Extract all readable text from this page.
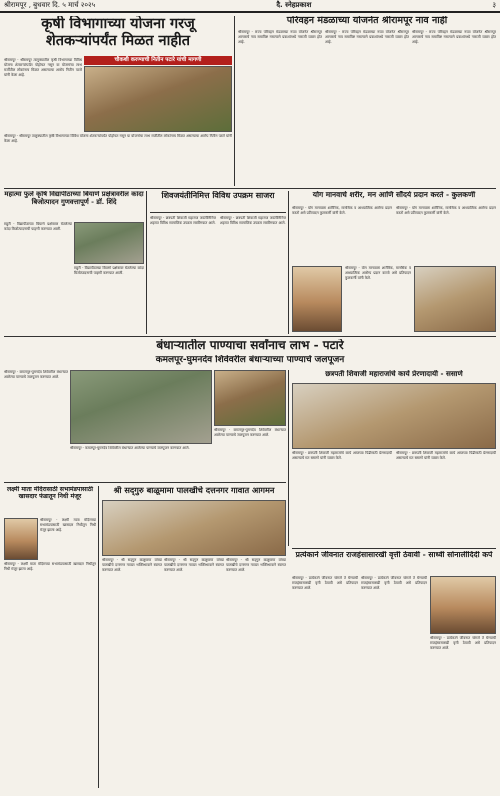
श्रीरामपूर , बुधवार दि. ५ मार्च २०२५	दै. स्नेहप्रकाश	३
कृषी विभागाच्या योजना गरजू शेतकऱ्यांपर्यंत मिळत नाहीत
चौकशी करण्याची नितीन पटारे यांची मागणी
श्रीरामपूर - श्रीरामपूर तालुक्यातील कृषी विभागाच्या विविध योजना शेतकऱ्यांपर्यंत पोहोचत नसून या योजनांचा लाभ मर्जीतील लोकांनाच मिळत असल्याचा आरोप नितीन पटारे यांनी केला आहे.
श्रीरामपूर - श्रीरामपूर तालुक्यातील कृषी विभागाच्या विविध योजना शेतकऱ्यांपर्यंत पोहोचत नसून या योजनांचा लाभ मर्जीतील लोकांनाच मिळत असल्याचा आरोप नितीन पटारे यांनी केला आहे.
परिवहन मंडळाच्या योजनेत श्रीरामपूर नाव नाही
श्रीरामपूर - राज्य परिवहन मंडळाच्या नव्या योजनेत श्रीरामपूर आगाराचे नाव समाविष्ट नसल्याने प्रवाशांमध्ये नाराजी व्यक्त होत आहे.
श्रीरामपूर - राज्य परिवहन मंडळाच्या नव्या योजनेत श्रीरामपूर आगाराचे नाव समाविष्ट नसल्याने प्रवाशांमध्ये नाराजी व्यक्त होत आहे.
श्रीरामपूर - राज्य परिवहन मंडळाच्या नव्या योजनेत श्रीरामपूर आगाराचे नाव समाविष्ट नसल्याने प्रवाशांमध्ये नाराजी व्यक्त होत आहे.
महात्मा फुले कृषि विद्यापीठाच्या बियाणे प्रक्षेत्रावरील कांदा बिजोत्पादन गुणवत्तापूर्ण - डॉ. शिंदे
राहुरी - विद्यापीठाच्या बियाणे प्रक्षेत्रावर घेतलेल्या कांदा बिजोत्पादनाची पाहणी करण्यात आली.
राहुरी - विद्यापीठाच्या बियाणे प्रक्षेत्रावर घेतलेल्या कांदा बिजोत्पादनाची पाहणी करण्यात आली.
शिवजयंतीनिमित्त विविध उपक्रम साजरा
श्रीरामपूर - छत्रपती शिवाजी महाराज जयंतीनिमित्त शहरात विविध सामाजिक उपक्रम राबविण्यात आले.
श्रीरामपूर - छत्रपती शिवाजी महाराज जयंतीनिमित्त शहरात विविध सामाजिक उपक्रम राबविण्यात आले.
योग मानवाचे शरीर, मन आणि सौंदर्य प्रदान करते - कुलकर्णी
श्रीरामपूर - योग मानवाला शारीरिक, मानसिक व आध्यात्मिक आरोग्य प्रदान करतो असे प्रतिपादन कुलकर्णी यांनी केले.
श्रीरामपूर - योग मानवाला शारीरिक, मानसिक व आध्यात्मिक आरोग्य प्रदान करतो असे प्रतिपादन कुलकर्णी यांनी केले.
श्रीरामपूर - योग मानवाला शारीरिक, मानसिक व आध्यात्मिक आरोग्य प्रदान करतो असे प्रतिपादन कुलकर्णी यांनी केले.
बंधाऱ्यातील पाण्याचा सर्वांनाच लाभ - पटारे
कमलपूर-घुमनदेव शिवेवरील बंधाऱ्याच्या पाण्याचे जलपूजन
श्रीरामपूर - कमलपूर-घुमनदेव शिवेवरील बंधाऱ्यात आलेल्या पाण्याचे जलपूजन करण्यात आले.
श्रीरामपूर - कमलपूर-घुमनदेव शिवेवरील बंधाऱ्यात आलेल्या पाण्याचे जलपूजन करण्यात आले.
श्रीरामपूर - कमलपूर-घुमनदेव शिवेवरील बंधाऱ्यात आलेल्या पाण्याचे जलपूजन करण्यात आले.
छत्रपती शिवाजी महाराजांचे कार्य प्रेरणादायी - ससाणे
श्रीरामपूर - छत्रपती शिवाजी महाराजांचे कार्य आजच्या पिढीसाठी प्रेरणादायी असल्याचे मत ससाणे यांनी व्यक्त केले.
श्रीरामपूर - छत्रपती शिवाजी महाराजांचे कार्य आजच्या पिढीसाठी प्रेरणादायी असल्याचे मत ससाणे यांनी व्यक्त केले.
लक्ष्मी माता मंदिरासाठी सभामंडपासाठी खासदार फंडातून निधी मंजूर
श्रीरामपूर - लक्ष्मी माता मंदिराच्या सभामंडपासाठी खासदार निधीतून निधी मंजूर झाला आहे.
श्रीरामपूर - लक्ष्मी माता मंदिराच्या सभामंडपासाठी खासदार निधीतून निधी मंजूर झाला आहे.
श्री सद्‌गुरु बाळूमामा पालखीचे दत्तनगर गावात आगमन
श्रीरामपूर - श्री सद्‌गुरु बाळूमामा यांच्या पालखीचे दत्तनगर गावात भक्तिभावाने स्वागत करण्यात आले.
श्रीरामपूर - श्री सद्‌गुरु बाळूमामा यांच्या पालखीचे दत्तनगर गावात भक्तिभावाने स्वागत करण्यात आले.
श्रीरामपूर - श्री सद्‌गुरु बाळूमामा यांच्या पालखीचे दत्तनगर गावात भक्तिभावाने स्वागत करण्यात आले.
प्रत्येकाने जीवनात राजहंसासारखी वृत्ती ठेवावी - साध्वी सोनालीदिदी कर्पे
श्रीरामपूर - प्रत्येकाने जीवनात चांगले ते घेण्याची राजहंसासारखी वृत्ती ठेवावी असे प्रतिपादन करण्यात आले.
श्रीरामपूर - प्रत्येकाने जीवनात चांगले ते घेण्याची राजहंसासारखी वृत्ती ठेवावी असे प्रतिपादन करण्यात आले.
श्रीरामपूर - प्रत्येकाने जीवनात चांगले ते घेण्याची राजहंसासारखी वृत्ती ठेवावी असे प्रतिपादन करण्यात आले.
